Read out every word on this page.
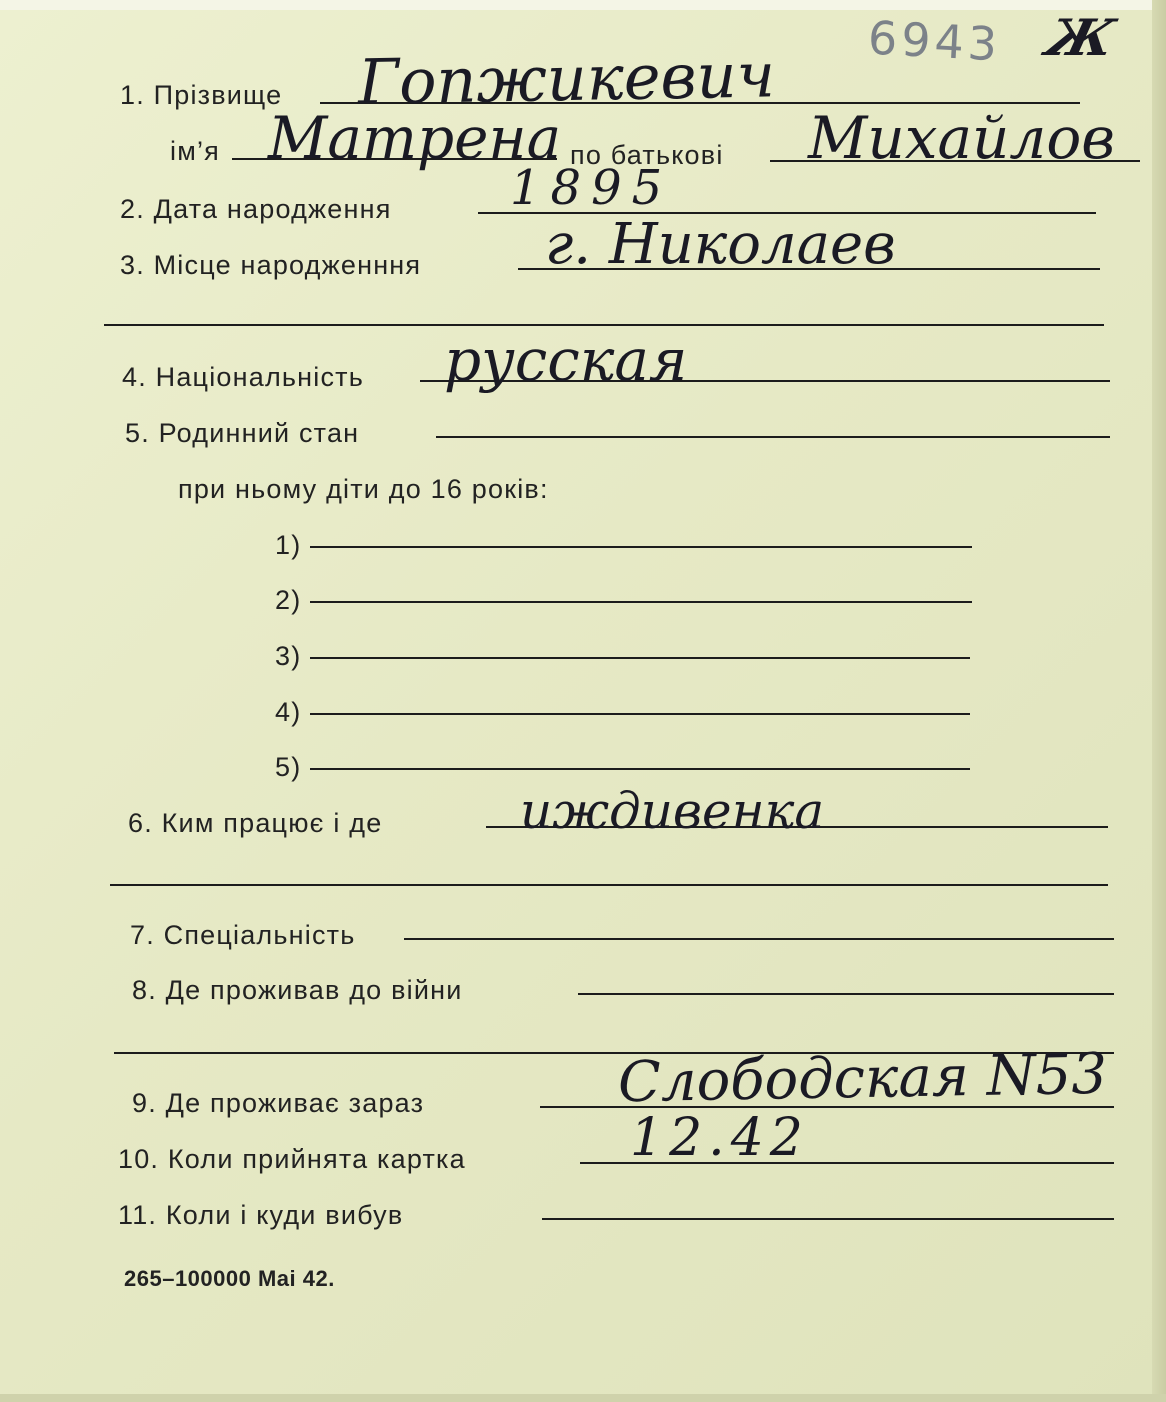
6943 Ж
1. Прізвище Гопжикевич
ім’я Матрена по батькові Михайлов
2. Дата народження 1895
3. Місце народженння г. Николаев
4. Національність русская
5. Родинний стан
при ньому діти до 16 років:
1)
2)
3)
4)
5)
6. Ким працює і де	иждивенка
7. Спеціальність
8. Де проживав до війни
9. Де проживає зараз	Слободская N53
10. Коли прийнята картка	12.42
11. Коли і куди вибув
265–100000 Mai 42.
